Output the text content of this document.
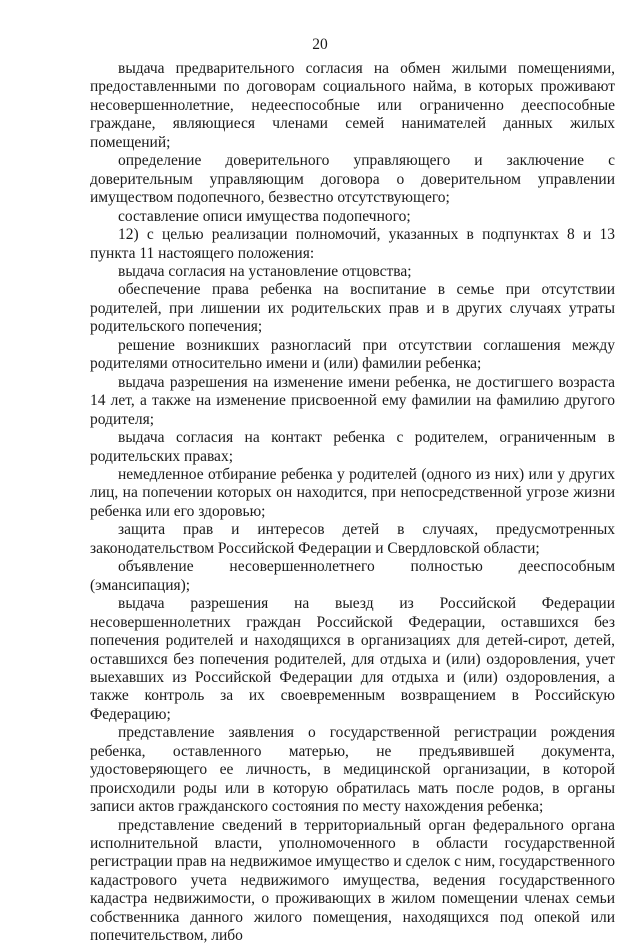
20

выдача предварительного согласия на обмен жилыми помещениями, предоставленными по договорам социального найма, в которых проживают несовершеннолетние, недееспособные или ограниченно дееспособные граждане, являющиеся членами семей нанимателей данных жилых помещений;

определение доверительного управляющего и заключение с доверительным управляющим договора о доверительном управлении имуществом подопечного, безвестно отсутствующего;

составление описи имущества подопечного;

12) с целью реализации полномочий, указанных в подпунктах 8 и 13 пункта 11 настоящего положения:

выдача согласия на установление отцовства;

обеспечение права ребенка на воспитание в семье при отсутствии родителей, при лишении их родительских прав и в других случаях утраты родительского попечения;

решение возникших разногласий при отсутствии соглашения между родителями относительно имени и (или) фамилии ребенка;

выдача разрешения на изменение имени ребенка, не достигшего возраста 14 лет, а также на изменение присвоенной ему фамилии на фамилию другого родителя;

выдача согласия на контакт ребенка с родителем, ограниченным в родительских правах;

немедленное отбирание ребенка у родителей (одного из них) или у других лиц, на попечении которых он находится, при непосредственной угрозе жизни ребенка или его здоровью;

защита прав и интересов детей в случаях, предусмотренных законодательством Российской Федерации и Свердловской области;

объявление несовершеннолетнего полностью дееспособным (эмансипация);

выдача разрешения на выезд из Российской Федерации несовершеннолетних граждан Российской Федерации, оставшихся без попечения родителей и находящихся в организациях для детей-сирот, детей, оставшихся без попечения родителей, для отдыха и (или) оздоровления, учет выехавших из Российской Федерации для отдыха и (или) оздоровления, а также контроль за их своевременным возвращением в Российскую Федерацию;

представление заявления о государственной регистрации рождения ребенка, оставленного матерью, не предъявившей документа, удостоверяющего ее личность, в медицинской организации, в которой происходили роды или в которую обратилась мать после родов, в органы записи актов гражданского состояния по месту нахождения ребенка;

представление сведений в территориальный орган федерального органа исполнительной власти, уполномоченного в области государственной регистрации прав на недвижимое имущество и сделок с ним, государственного кадастрового учета недвижимого имущества, ведения государственного кадастра недвижимости, о проживающих в жилом помещении членах семьи собственника данного жилого помещения, находящихся под опекой или попечительством, либо
